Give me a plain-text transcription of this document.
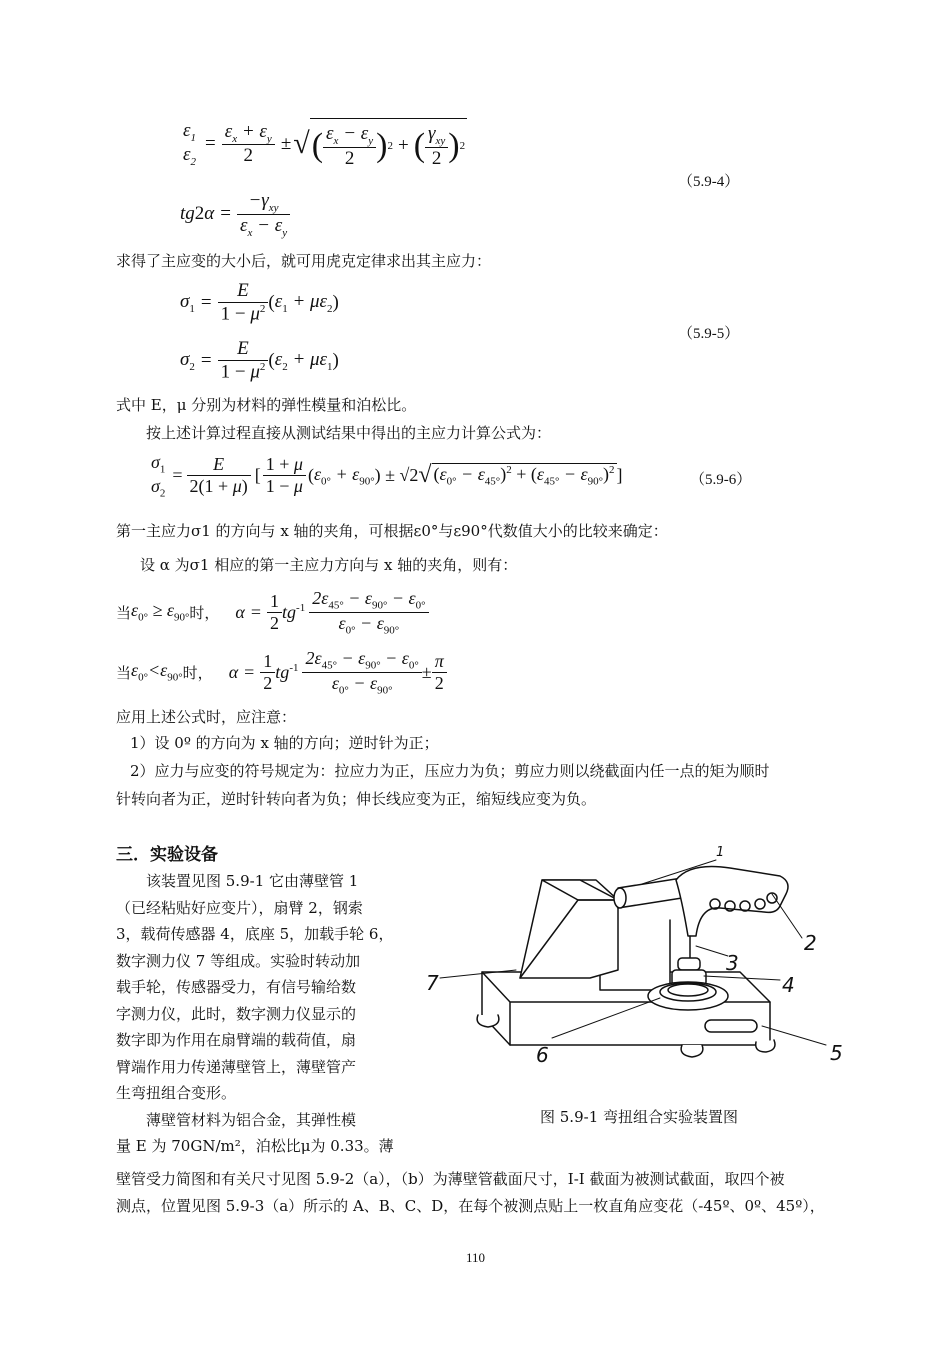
$\varepsilon_1$
$\varepsilon_2$
= $\frac{\varepsilon_x + \varepsilon_y}{2}$ ± √ ( $\frac{\varepsilon_x - \varepsilon_y}{2}$ ) 2 + ( $\frac{\gamma_{xy}}{2}$ ) 2
tg 2 $\alpha = \frac{-\gamma_{xy}}{\varepsilon_x - \varepsilon_y}$
（5.9-4）
求得了主应变的大小后，就可用虎克定律求出其主应力：
$\sigma_1 = \frac{E}{1 - \mu^2}$ ( $\varepsilon_1 + \mu\varepsilon_2$ )
$\sigma_2 = \frac{E}{1 - \mu^2}$ ( $\varepsilon_2 + \mu\varepsilon_1$ )
（5.9-5）
式中 E，μ 分别为材料的弹性模量和泊松比。
按上述计算过程直接从测试结果中得出的主应力计算公式为：
$\sigma_1$
$\sigma_2$
= $\frac{E}{2(1 + \mu)}$ [ $\frac{1 + \mu}{1 - \mu}$ ( $\varepsilon_{0^\circ} + \varepsilon_{90^\circ}$ ) ± √2 √ $(\varepsilon_{0^\circ} - \varepsilon_{45^\circ})^2 + (\varepsilon_{45^\circ} - \varepsilon_{90^\circ})^2$ ]	（5.9-6）
第一主应力σ1 的方向与 x 轴的夹角，可根据ε0°与ε90°代数值大小的比较来确定：
设 α 为σ1 相应的第一主应力方向与 x 轴的夹角，则有：
当 $\varepsilon_{0^\circ} \ge \varepsilon_{90^\circ}$ 时， $\alpha = \frac{1}{2} tg^{-1} \frac{2\varepsilon_{45^\circ} - \varepsilon_{90^\circ} - \varepsilon_{0^\circ}}{\varepsilon_{0^\circ} - \varepsilon_{90^\circ}}$
当 $\varepsilon_{0^\circ}<\varepsilon_{90^\circ}$ 时， $\alpha = \frac{1}{2} tg^{-1} \frac{2\varepsilon_{45^\circ} - \varepsilon_{90^\circ} - \varepsilon_{0^\circ}}{\varepsilon_{0^\circ} - \varepsilon_{90^\circ}} \pm \frac{\pi}{2}$
应用上述公式时，应注意：
1）设 0º 的方向为 x 轴的方向；逆时针为正；
2）应力与应变的符号规定为：拉应力为正，压应力为负；剪应力则以绕截面内任一点的矩为顺时
针转向者为正，逆时针转向者为负；伸长线应变为正，缩短线应变为负。
三．实验设备
该装置见图 5.9-1 它由薄壁管 1
（已经粘贴好应变片），扇臂 2，钢索
3，载荷传感器 4，底座 5，加载手轮 6，
数字测力仪 7 等组成。实验时转动加
载手轮，传感器受力，有信号输给数
字测力仪，此时，数字测力仪显示的
数字即为作用在扇臂端的载荷值，扇
臂端作用力传递薄壁管上，薄壁管产
生弯扭组合变形。
薄壁管材料为铝合金，其弹性模
量 E 为 70GN/m²，泊松比μ为 0.33。薄
壁管受力简图和有关尺寸见图 5.9-2（a），（b）为薄壁管截面尺寸，I-I 截面为被测试截面，取四个被
测点，位置见图 5.9-3（a）所示的 A、B、C、D，在每个被测点贴上一枚直角应变花（-45º、0º、45º），
1
2
3
4
5
6
7
图 5.9-1 弯扭组合实验装置图
110
